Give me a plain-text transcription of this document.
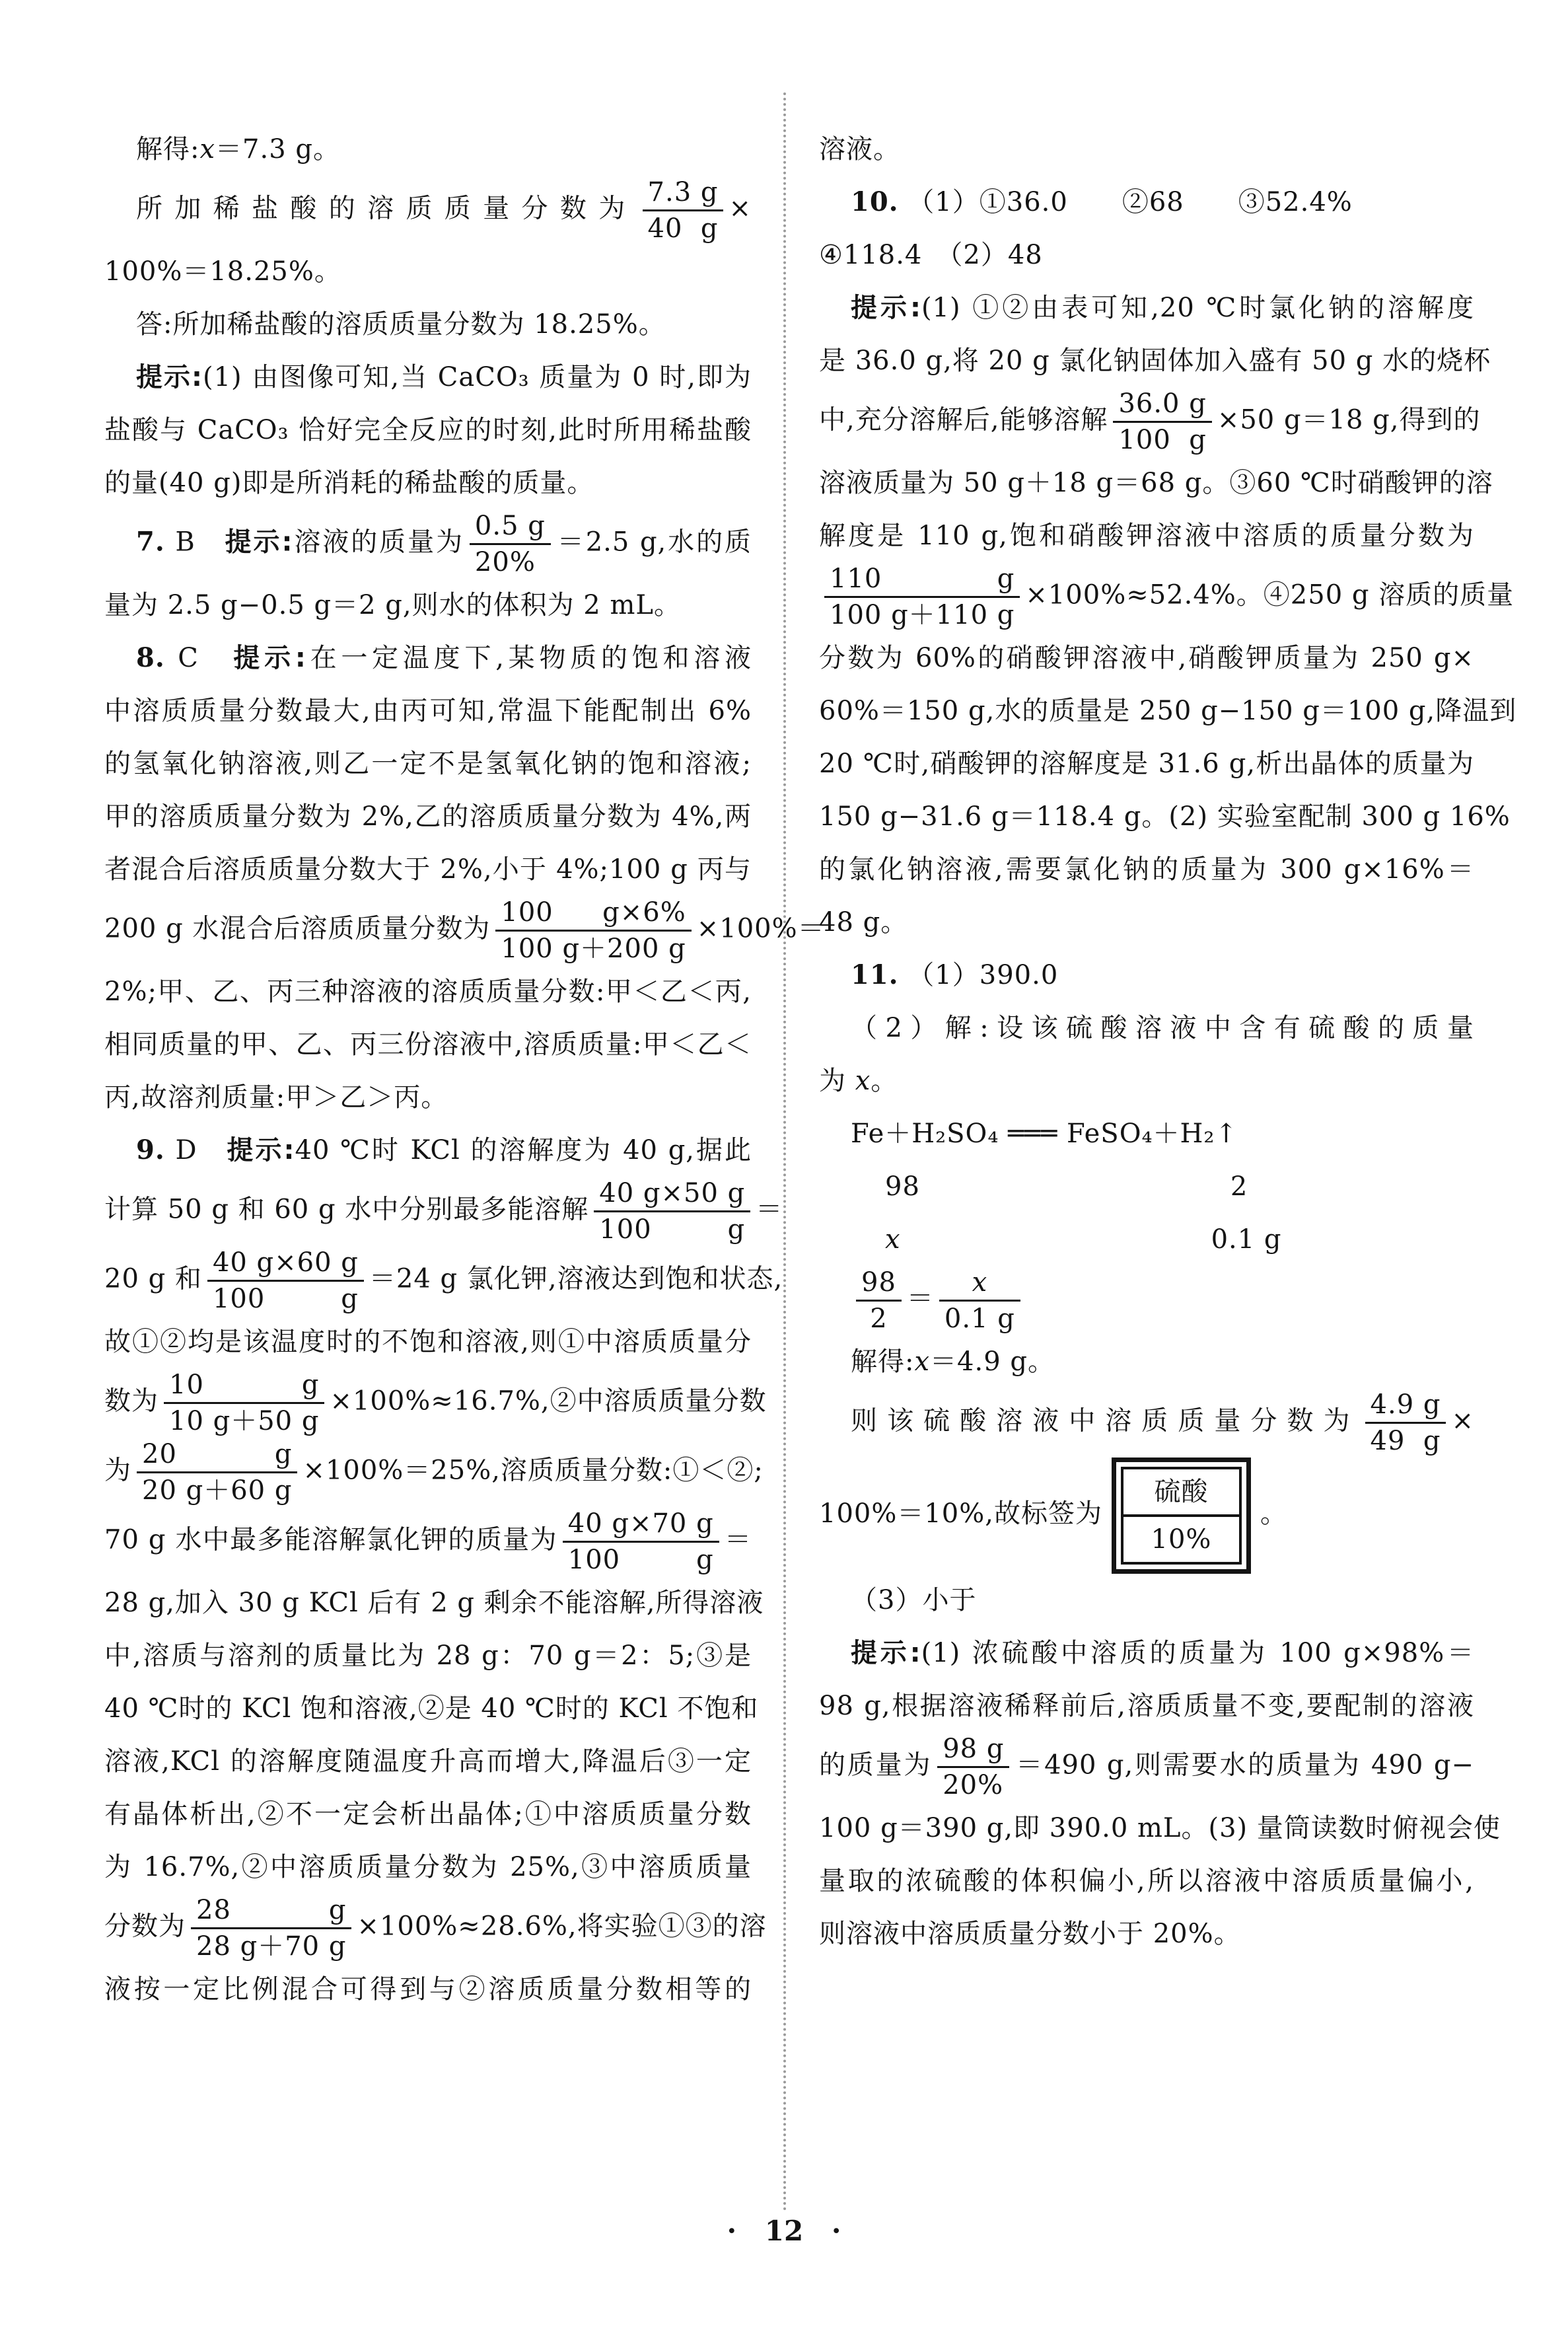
解得:x＝7.3 g。
所加稀盐酸的溶质质量分数为 $\frac{7.3 g}{40 g}$ ×
100%＝18.25%。
答:所加稀盐酸的溶质质量分数为 18.25%。
提示:(1) 由图像可知,当 CaCO₃ 质量为 0 时,即为
盐酸与 CaCO₃ 恰好完全反应的时刻,此时所用稀盐酸
的量(40 g)即是所消耗的稀盐酸的质量。
7. B　提示:溶液的质量为 $\frac{0.5 g}{20\%} =2.5$ g,水的质
量为 2.5 g−0.5 g＝2 g,则水的体积为 2 mL。
8. C　提示:在一定温度下,某物质的饱和溶液
中溶质质量分数最大,由丙可知,常温下能配制出 6%
的氢氧化钠溶液,则乙一定不是氢氧化钠的饱和溶液;
甲的溶质质量分数为 2%,乙的溶质质量分数为 4%,两
者混合后溶质质量分数大于 2%,小于 4%;100 g 丙与
200 g 水混合后溶质质量分数为 $\frac{100 g\times 6\%}{100 g+200 g} \times 100\%=$
2%;甲、乙、丙三种溶液的溶质质量分数:甲＜乙＜丙,
相同质量的甲、乙、丙三份溶液中,溶质质量:甲＜乙＜
丙,故溶剂质量:甲＞乙＞丙。
9. D　提示:40 ℃时 KCl 的溶解度为 40 g,据此
计算 50 g 和 60 g 水中分别最多能溶解 $\frac{40 g\times 50 g}{100 g}$ ＝
20 g 和 $\frac{40 g\times 60 g}{100 g} =24$ g 氯化钾,溶液达到饱和状态,
故①②均是该温度时的不饱和溶液,则①中溶质质量分
数为 $\frac{10 g}{10 g+50 g}$ ×100%≈16.7%,②中溶质质量分数
为 $\frac{20 g}{20 g+60 g} \times 100\%=25\%$,溶质质量分数:①＜②;
70 g 水中最多能溶解氯化钾的质量为 $\frac{40 g\times 70 g}{100 g}$ ＝
28 g,加入 30 g KCl 后有 2 g 剩余不能溶解,所得溶液
中,溶质与溶剂的质量比为 28 g：70 g＝2：5;③是
40 ℃时的 KCl 饱和溶液,②是 40 ℃时的 KCl 不饱和
溶液,KCl 的溶解度随温度升高而增大,降温后③一定
有晶体析出,②不一定会析出晶体;①中溶质质量分数
为 16.7%,②中溶质质量分数为 25%,③中溶质质量
分数为 $\frac{28 g}{28 g+70 g} \times 100\%\approx 28.6\%$,将实验①③的溶
液按一定比例混合可得到与②溶质质量分数相等的
溶液。
10. （1）①36.0　　②68　　③52.4%
④118.4　（2）48
提示:(1) ①②由表可知,20 ℃时氯化钠的溶解度
是 36.0 g,将 20 g 氯化钠固体加入盛有 50 g 水的烧杯
中,充分溶解后,能够溶解 $\frac{36.0 g}{100 g} \times 50$ g＝18 g,得到的
溶液质量为 50 g＋18 g＝68 g。③60 ℃时硝酸钾的溶
解度是 110 g,饱和硝酸钾溶液中溶质的质量分数为
$\frac{110 g}{100 g+110 g} \times 100\%\approx 52.4\%$。④250 g 溶质的质量
分数为 60%的硝酸钾溶液中,硝酸钾质量为 250 g×
60%＝150 g,水的质量是 250 g−150 g＝100 g,降温到
20 ℃时,硝酸钾的溶解度是 31.6 g,析出晶体的质量为
150 g−31.6 g＝118.4 g。(2) 实验室配制 300 g 16%
的氯化钠溶液,需要氯化钠的质量为 300 g×16%＝
48 g。
11. （1）390.0
（2）解:设该硫酸溶液中含有硫酸的质量
为 x。
Fe＋H₂SO₄ ═══ FeSO₄＋H₂↑
98	2
x	0.1 g
$\frac{98}{2} = \frac{x}{0.1 g}$
解得:x＝4.9 g。
则该硫酸溶液中溶质质量分数为 $\frac{4.9 g}{49 g}$ ×
100%＝10%,故标签为
硫酸
10%
。
（3）小于
提示:(1) 浓硫酸中溶质的质量为 100 g×98%＝
98 g,根据溶液稀释前后,溶质质量不变,要配制的溶液
的质量为 $\frac{98 g}{20\%} =490$ g,则需要水的质量为 490 g−
100 g＝390 g,即 390.0 mL。(3) 量筒读数时俯视会使
量取的浓硫酸的体积偏小,所以溶液中溶质质量偏小,
则溶液中溶质质量分数小于 20%。
· 12 ·
